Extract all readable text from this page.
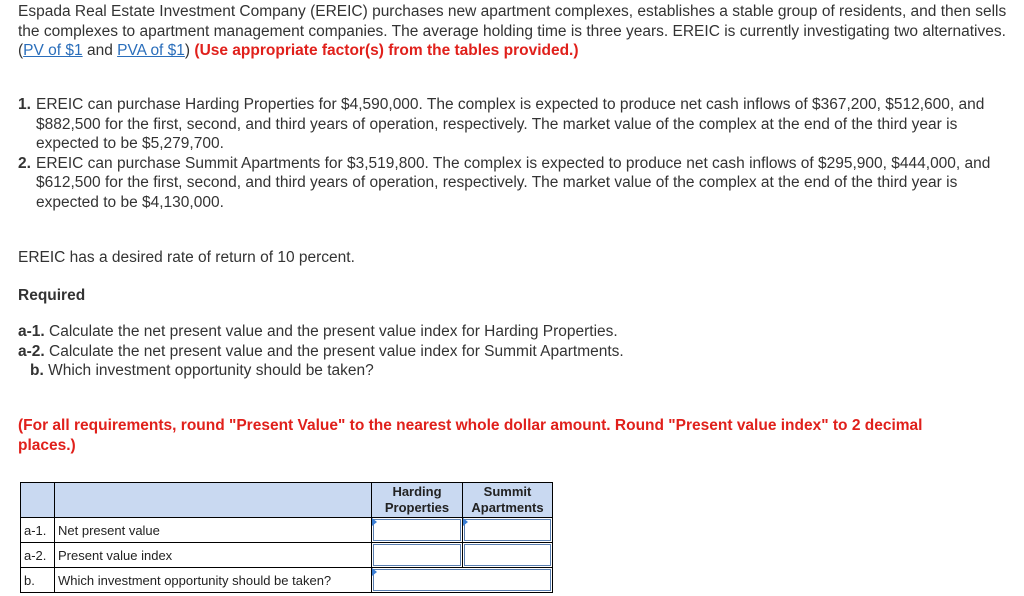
Espada Real Estate Investment Company (EREIC) purchases new apartment complexes, establishes a stable group of residents, and then sells the complexes to apartment management companies. The average holding time is three years. EREIC is currently investigating two alternatives. (PV of $1 and PVA of $1) (Use appropriate factor(s) from the tables provided.)
1. EREIC can purchase Harding Properties for $4,590,000. The complex is expected to produce net cash inflows of $367,200, $512,600, and $882,500 for the first, second, and third years of operation, respectively. The market value of the complex at the end of the third year is expected to be $5,279,700.
2. EREIC can purchase Summit Apartments for $3,519,800. The complex is expected to produce net cash inflows of $295,900, $444,000, and $612,500 for the first, second, and third years of operation, respectively. The market value of the complex at the end of the third year is expected to be $4,130,000.
EREIC has a desired rate of return of 10 percent.
Required
a-1. Calculate the net present value and the present value index for Harding Properties.
a-2. Calculate the net present value and the present value index for Summit Apartments.
b. Which investment opportunity should be taken?
(For all requirements, round "Present Value" to the nearest whole dollar amount. Round "Present value index" to 2 decimal places.)
		Harding Properties	Summit Apartments
a-1.	Net present value	

a-2.	Present value index	

b.	Which investment opportunity should be taken?		
